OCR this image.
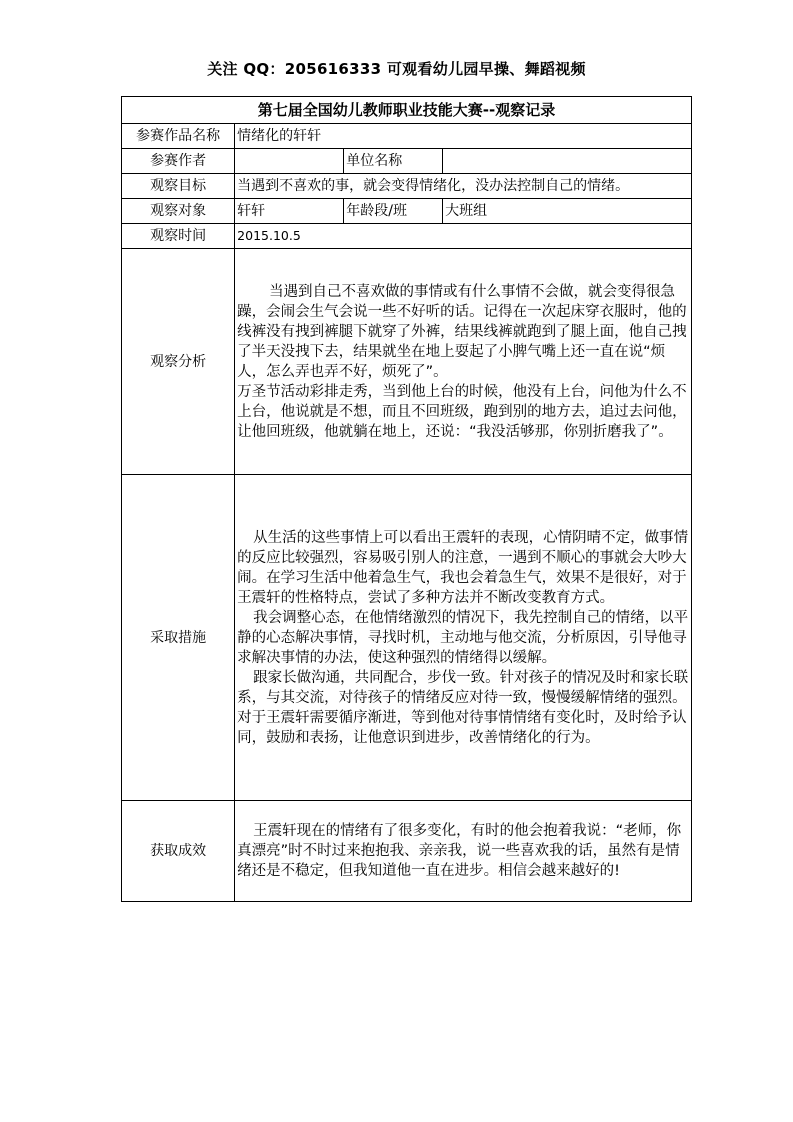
关注 QQ：205616333 可观看幼儿园早操、舞蹈视频
第七届全国幼儿教师职业技能大赛--观察记录			
参赛作品名称	情绪化的轩轩		
参赛作者		单位名称	
观察目标	当遇到不喜欢的事，就会变得情绪化，没办法控制自己的情绪。		
观察对象	轩轩	年龄段/班	大班组
观察时间	2015.10.5		
观察分析	当遇到自己不喜欢做的事情或有什么事情不会做，就会变得很急躁，会闹会生气会说一些不好听的话。记得在一次起床穿衣服时，他的线裤没有拽到裤腿下就穿了外裤，结果线裤就跑到了腿上面，他自己拽了半天没拽下去，结果就坐在地上耍起了小脾气嘴上还一直在说“烦人，怎么弄也弄不好，烦死了”。

万圣节活动彩排走秀，当到他上台的时候，他没有上台，问他为什么不上台，他说就是不想，而且不回班级，跑到别的地方去，追过去问他，让他回班级，他就躺在地上，还说：“我没活够那，你别折磨我了”。		

采取措施	从生活的这些事情上可以看出王震轩的表现，心情阴晴不定，做事情的反应比较强烈，容易吸引别人的注意，一遇到不顺心的事就会大吵大闹。在学习生活中他着急生气，我也会着急生气，效果不是很好，对于王震轩的性格特点，尝试了多种方法并不断改变教育方式。

我会调整心态，在他情绪激烈的情况下，我先控制自己的情绪，以平静的心态解决事情，寻找时机，主动地与他交流，分析原因，引导他寻求解决事情的办法，使这种强烈的情绪得以缓解。

跟家长做沟通，共同配合，步伐一致。针对孩子的情况及时和家长联系，与其交流，对待孩子的情绪反应对待一致，慢慢缓解情绪的强烈。对于王震轩需要循序渐进，等到他对待事情情绪有变化时，及时给予认同，鼓励和表扬，让他意识到进步，改善情绪化的行为。		

获取成效	王震轩现在的情绪有了很多变化，有时的他会抱着我说：“老师，你真漂亮”时不时过来抱抱我、亲亲我，说一些喜欢我的话，虽然有是情绪还是不稳定，但我知道他一直在进步。相信会越来越好的!		
